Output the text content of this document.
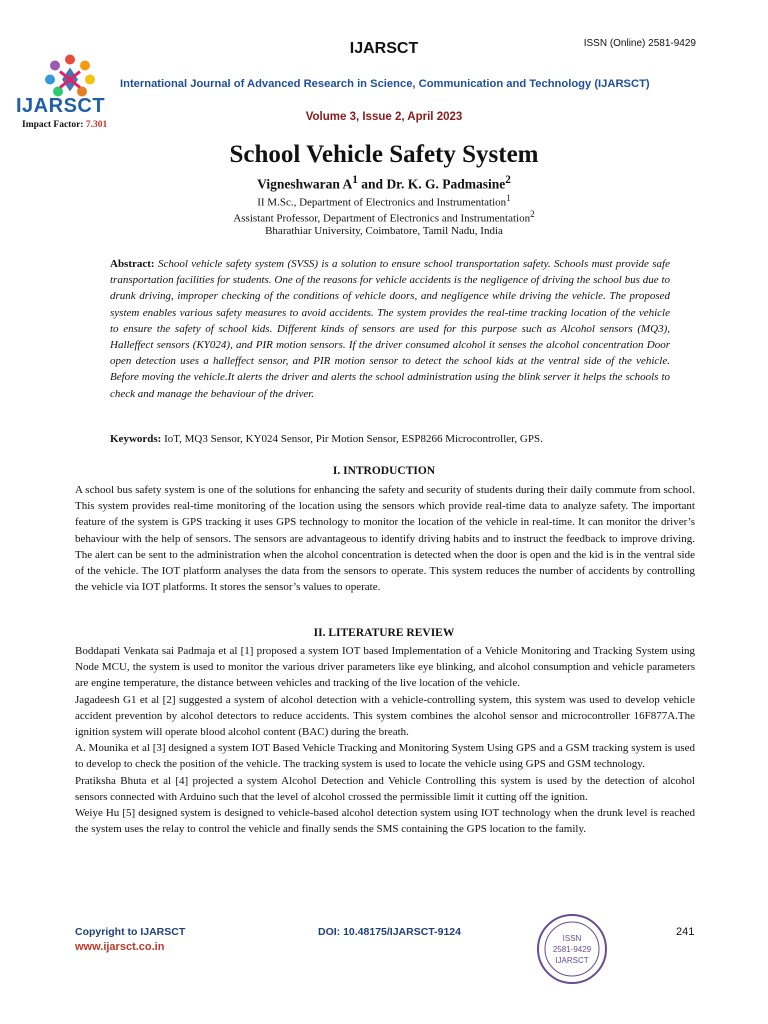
IJARSCT	ISSN (Online) 2581-9429
International Journal of Advanced Research in Science, Communication and Technology (IJARSCT)
Volume 3, Issue 2, April 2023
IJARSCT
Impact Factor: 7.301
School Vehicle Safety System
Vigneshwaran $A^1$ and Dr. K. G. Padmasine$^2$
II M.Sc., Department of Electronics and Instrumentation$^1$
Assistant Professor, Department of Electronics and Instrumentation$^2$
Bharathiar University, Coimbatore, Tamil Nadu, India
Abstract: School vehicle safety system (SVSS) is a solution to ensure school transportation safety. Schools must provide safe transportation facilities for students. One of the reasons for vehicle accidents is the negligence of driving the school bus due to drunk driving, improper checking of the conditions of vehicle doors, and negligence while driving the vehicle. The proposed system enables various safety measures to avoid accidents. The system provides the real-time tracking location of the vehicle to ensure the safety of school kids. Different kinds of sensors are used for this purpose such as Alcohol sensors (MQ3), Halleffect sensors (KY024), and PIR motion sensors. If the driver consumed alcohol it senses the alcohol concentration Door open detection uses a halleffect sensor, and PIR motion sensor to detect the school kids at the ventral side of the vehicle. Before moving the vehicle.It alerts the driver and alerts the school administration using the blink server it helps the schools to check and manage the behaviour of the driver.
Keywords: IoT, MQ3 Sensor, KY024 Sensor, Pir Motion Sensor, ESP8266 Microcontroller, GPS.
I. INTRODUCTION

A school bus safety system is one of the solutions for enhancing the safety and security of students during their daily commute from school. This system provides real-time monitoring of the location using the sensors which provide real-time data to analyze safety. The important feature of the system is GPS tracking it uses GPS technology to monitor the location of the vehicle in real-time. It can monitor the driver’s behaviour with the help of sensors. The sensors are advantageous to identify driving habits and to instruct the feedback to improve driving. The alert can be sent to the administration when the alcohol concentration is detected when the door is open and the kid is in the ventral side of the vehicle. The IOT platform analyses the data from the sensors to operate. This system reduces the number of accidents by controlling the vehicle via IOT platforms. It stores the sensor’s values to operate.

II. LITERATURE REVIEW

Boddapati Venkata sai Padmaja et al [1] proposed a system IOT based Implementation of a Vehicle Monitoring and Tracking System using Node MCU, the system is used to monitor the various driver parameters like eye blinking, and alcohol consumption and vehicle parameters are engine temperature, the distance between vehicles and tracking of the live location of the vehicle.

Jagadeesh G1 et al [2] suggested a system of alcohol detection with a vehicle-controlling system, this system was used to develop vehicle accident prevention by alcohol detectors to reduce accidents. This system combines the alcohol sensor and microcontroller 16F877A.The ignition system will operate blood alcohol content (BAC) during the breath.

A. Mounika et al [3] designed a system IOT Based Vehicle Tracking and Monitoring System Using GPS and a GSM tracking system is used to develop to check the position of the vehicle. The tracking system is used to locate the vehicle using GPS and GSM technology.

Pratiksha Bhuta et al [4] projected a system Alcohol Detection and Vehicle Controlling this system is used by the detection of alcohol sensors connected with Arduino such that the level of alcohol crossed the permissible limit it cutting off the ignition.

Weiye Hu [5] designed system is designed to vehicle-based alcohol detection system using IOT technology when the drunk level is reached the system uses the relay to control the vehicle and finally sends the SMS containing the GPS location to the family.

Copyright to IJARSCT
www.ijarsct.co.in
DOI: 10.48175/IJARSCT-9124	241
ISSN
2581-9429
IJARSCT
